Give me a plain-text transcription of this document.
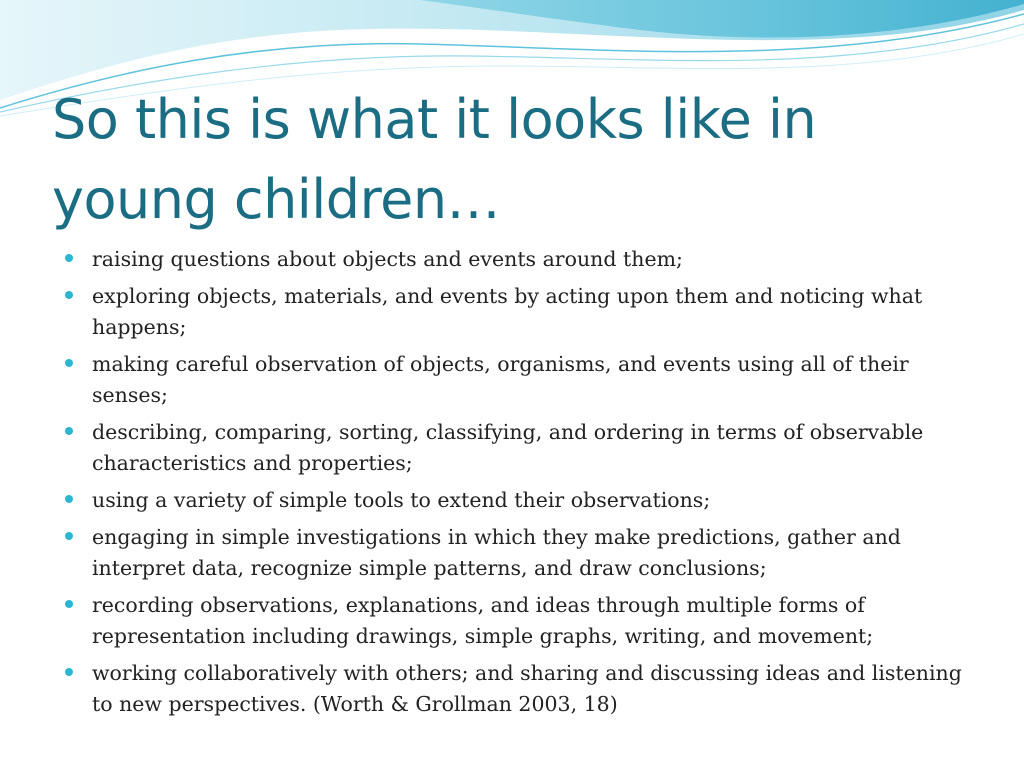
So this is what it looks like in young children…
raising questions about objects and events around them;
exploring objects, materials, and events by acting upon them and noticing what happens;
making careful observation of objects, organisms, and events using all of their senses;
describing, comparing, sorting, classifying, and ordering in terms of observable characteristics and properties;
using a variety of simple tools to extend their observations;
engaging in simple investigations in which they make predictions, gather and interpret data, recognize simple patterns, and draw conclusions;
recording observations, explanations, and ideas through multiple forms of representation including drawings, simple graphs, writing, and movement;
working collaboratively with others; and sharing and discussing ideas and listening to new perspectives. (Worth & Grollman 2003, 18)
